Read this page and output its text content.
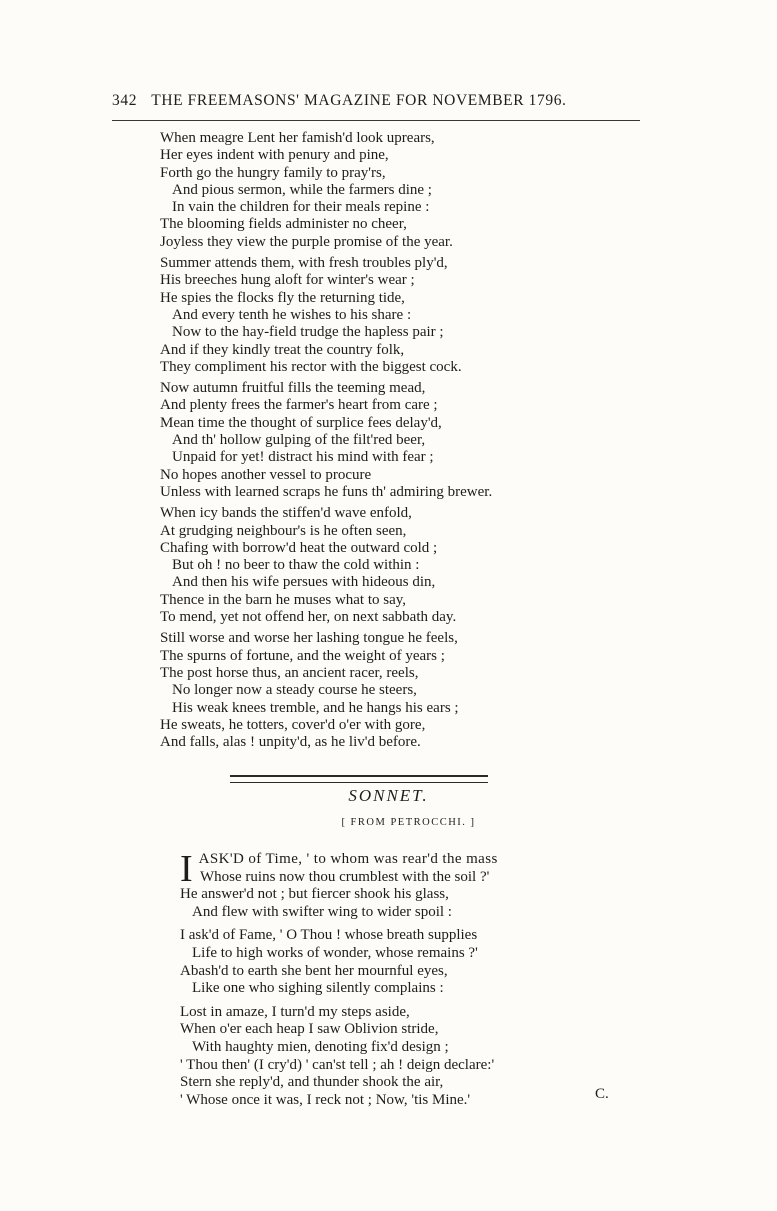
342 THE FREEMASONS' MAGAZINE FOR NOVEMBER 1796.
When meagre Lent her famish'd look uprears,
Her eyes indent with penury and pine,
Forth go the hungry family to pray'rs,
And pious sermon, while the farmers dine ;
In vain the children for their meals repine :
The blooming fields administer no cheer,
Joyless they view the purple promise of the year.
Summer attends them, with fresh troubles ply'd,
His breeches hung aloft for winter's wear ;
He spies the flocks fly the returning tide,
And every tenth he wishes to his share :
Now to the hay-field trudge the hapless pair ;
And if they kindly treat the country folk,
They compliment his rector with the biggest cock.
Now autumn fruitful fills the teeming mead,
And plenty frees the farmer's heart from care ;
Mean time the thought of surplice fees delay'd,
And th' hollow gulping of the filt'red beer,
Unpaid for yet! distract his mind with fear ;
No hopes another vessel to procure
Unless with learned scraps he funs th' admiring brewer.
When icy bands the stiffen'd wave enfold,
At grudging neighbour's is he often seen,
Chafing with borrow'd heat the outward cold ;
But oh ! no beer to thaw the cold within :
And then his wife persues with hideous din,
Thence in the barn he muses what to say,
To mend, yet not offend her, on next sabbath day.
Still worse and worse her lashing tongue he feels,
The spurns of fortune, and the weight of years ;
The post horse thus, an ancient racer, reels,
No longer now a steady course he steers,
His weak knees tremble, and he hangs his ears ;
He sweats, he totters, cover'd o'er with gore,
And falls, alas ! unpity'd, as he liv'd before.
SONNET.
[ FROM PETROCCHI. ]
I ASK'D of Time, ' to whom was rear'd the mass
Whose ruins now thou crumblest with the soil ?'
He answer'd not ; but fiercer shook his glass,
And flew with swifter wing to wider spoil :
I ask'd of Fame, ' O Thou ! whose breath supplies
Life to high works of wonder, whose remains ?'
Abash'd to earth she bent her mournful eyes,
Like one who sighing silently complains :
Lost in amaze, I turn'd my steps aside,
When o'er each heap I saw Oblivion stride,
With haughty mien, denoting fix'd design ;
' Thou then' (I cry'd) ' can'st tell ; ah ! deign declare:'
Stern she reply'd, and thunder shook the air,
' Whose once it was, I reck not ; Now, 'tis Mine.'	C.
